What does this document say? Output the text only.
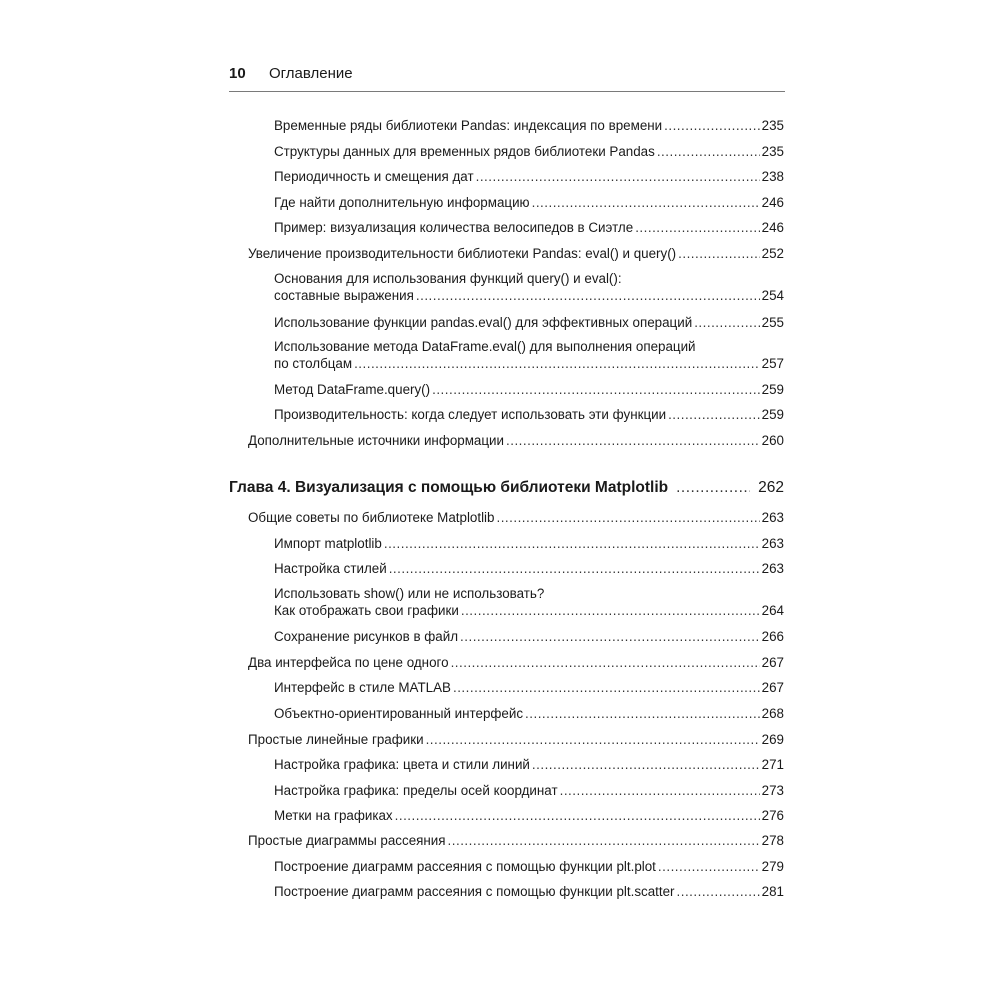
10 Оглавление
Временные ряды библиотеки Pandas: индексация по времени .....	235
Структуры данных для временных рядов библиотеки Pandas .....	235
Периодичность и смещения дат .....	238
Где найти дополнительную информацию .....	246
Пример: визуализация количества велосипедов в Сиэтле .....	246
Увеличение производительности библиотеки Pandas: eval() и query() .....	252
Основания для использования функций query() и eval():
составные выражения .....	254
Использование функции pandas.eval() для эффективных операций .....	255
Использование метода DataFrame.eval() для выполнения операций
по столбцам .....	257
Метод DataFrame.query() .....	259
Производительность: когда следует использовать эти функции .....	259
Дополнительные источники информации .....	260
Глава 4. Визуализация с помощью библиотеки Matplotlib .....	262
Общие советы по библиотеке Matplotlib .....	263
Импорт matplotlib .....	263
Настройка стилей .....	263
Использовать show() или не использовать?
Как отображать свои графики .....	264
Сохранение рисунков в файл .....	266
Два интерфейса по цене одного .....	267
Интерфейс в стиле MATLAB .....	267
Объектно-ориентированный интерфейс .....	268
Простые линейные графики .....	269
Настройка графика: цвета и стили линий .....	271
Настройка графика: пределы осей координат .....	273
Метки на графиках .....	276
Простые диаграммы рассеяния .....	278
Построение диаграмм рассеяния с помощью функции plt.plot .....	279
Построение диаграмм рассеяния с помощью функции plt.scatter .....	281
